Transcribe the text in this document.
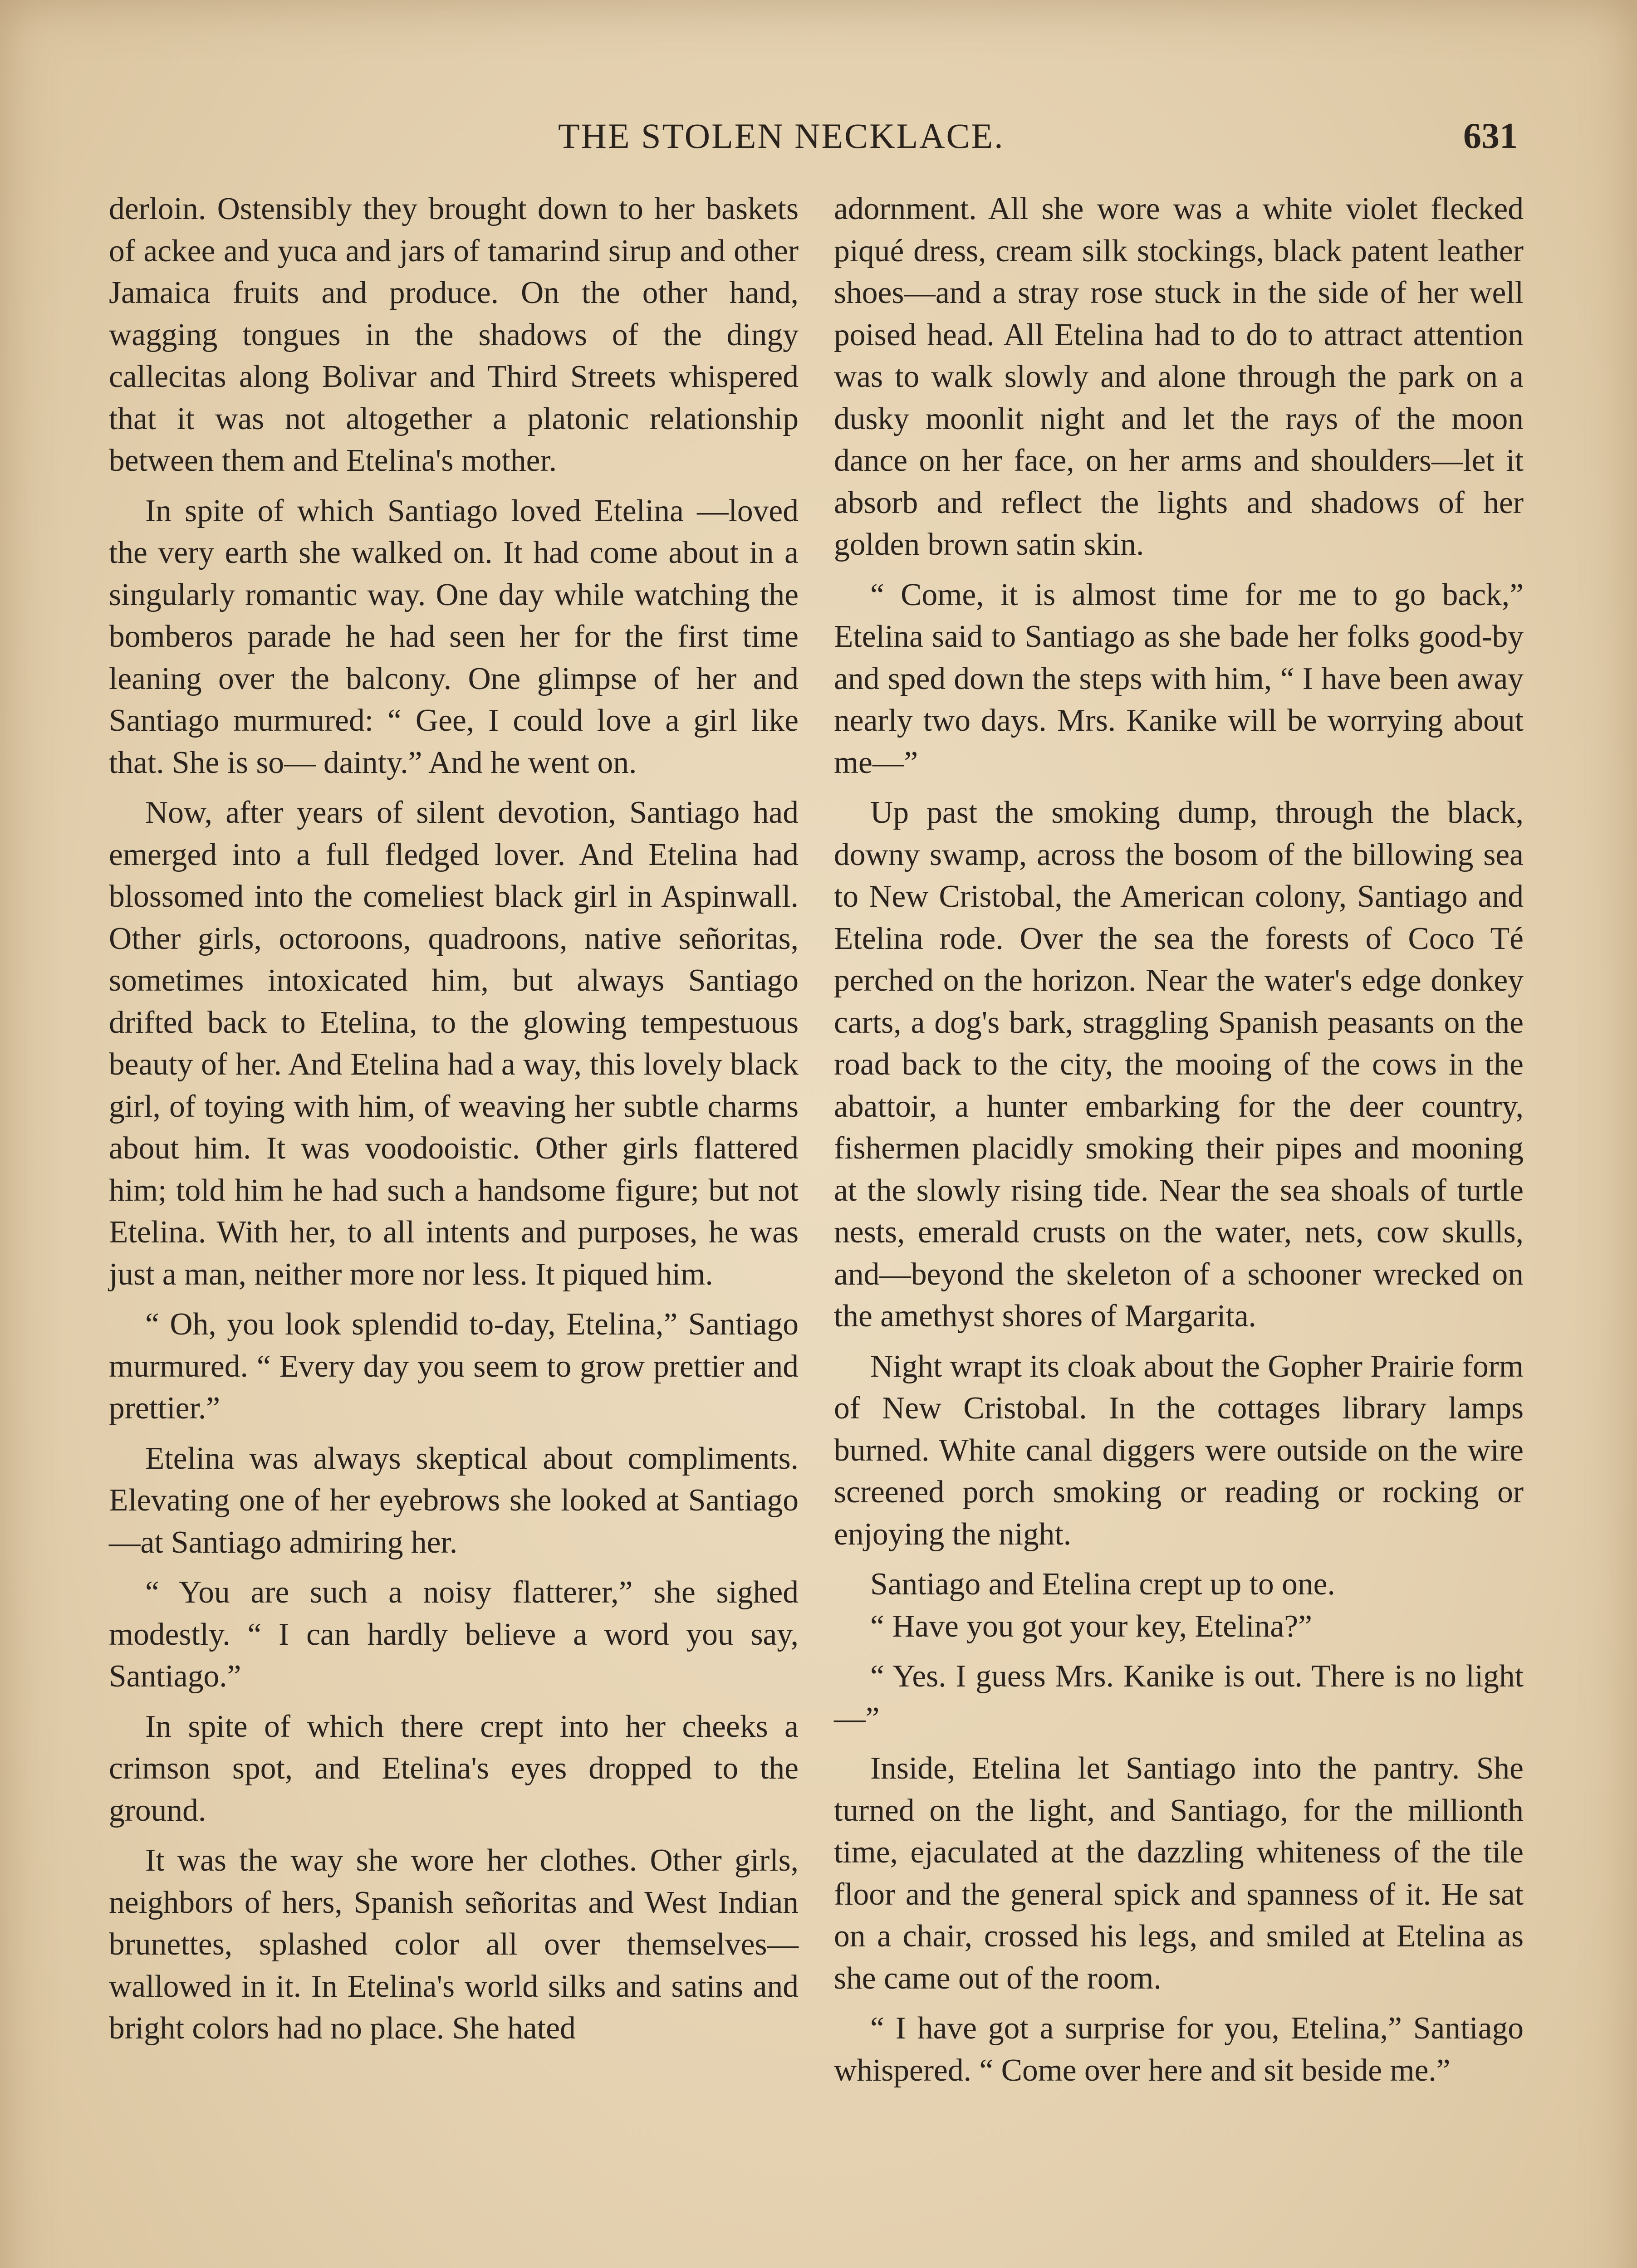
THE STOLEN NECKLACE.	631

derloin. Ostensibly they brought down to her baskets of ackee and yuca and jars of tamarind sirup and other Jamaica fruits and produce. On the other hand, wagging tongues in the shadows of the dingy callecitas along Bolivar and Third Streets whispered that it was not altogether a platonic relationship between them and Etelina's mother.

In spite of which Santiago loved Etelina —loved the very earth she walked on. It had come about in a singularly romantic way. One day while watching the bomberos parade he had seen her for the first time leaning over the balcony. One glimpse of her and Santiago murmured: “ Gee, I could love a girl like that. She is so— dainty.” And he went on.

Now, after years of silent devotion, Santiago had emerged into a full fledged lover. And Etelina had blossomed into the comeliest black girl in Aspinwall. Other girls, octoroons, quadroons, native señoritas, sometimes intoxicated him, but always Santiago drifted back to Etelina, to the glowing tempestuous beauty of her. And Etelina had a way, this lovely black girl, of toying with him, of weaving her subtle charms about him. It was voodooistic. Other girls flattered him; told him he had such a handsome figure; but not Etelina. With her, to all intents and purposes, he was just a man, neither more nor less. It piqued him.

“ Oh, you look splendid to-day, Etelina,” Santiago murmured. “ Every day you seem to grow prettier and prettier.”

Etelina was always skeptical about compliments. Elevating one of her eyebrows she looked at Santiago—at Santiago admiring her.

“ You are such a noisy flatterer,” she sighed modestly. “ I can hardly believe a word you say, Santiago.”

In spite of which there crept into her cheeks a crimson spot, and Etelina's eyes dropped to the ground.

It was the way she wore her clothes. Other girls, neighbors of hers, Spanish señoritas and West Indian brunettes, splashed color all over themselves—wallowed in it. In Etelina's world silks and satins and bright colors had no place. She hated

adornment. All she wore was a white violet flecked piqué dress, cream silk stockings, black patent leather shoes—and a stray rose stuck in the side of her well poised head. All Etelina had to do to attract attention was to walk slowly and alone through the park on a dusky moonlit night and let the rays of the moon dance on her face, on her arms and shoulders—let it absorb and reflect the lights and shadows of her golden brown satin skin.

“ Come, it is almost time for me to go back,” Etelina said to Santiago as she bade her folks good-by and sped down the steps with him, “ I have been away nearly two days. Mrs. Kanike will be worrying about me—”

Up past the smoking dump, through the black, downy swamp, across the bosom of the billowing sea to New Cristobal, the American colony, Santiago and Etelina rode. Over the sea the forests of Coco Té perched on the horizon. Near the water's edge donkey carts, a dog's bark, straggling Spanish peasants on the road back to the city, the mooing of the cows in the abattoir, a hunter embarking for the deer country, fishermen placidly smoking their pipes and mooning at the slowly rising tide. Near the sea shoals of turtle nests, emerald crusts on the water, nets, cow skulls, and—beyond the skeleton of a schooner wrecked on the amethyst shores of Margarita.

Night wrapt its cloak about the Gopher Prairie form of New Cristobal. In the cottages library lamps burned. White canal diggers were outside on the wire screened porch smoking or reading or rocking or enjoying the night.

Santiago and Etelina crept up to one.

“ Have you got your key, Etelina?”

“ Yes. I guess Mrs. Kanike is out. There is no light—”

Inside, Etelina let Santiago into the pantry. She turned on the light, and Santiago, for the millionth time, ejaculated at the dazzling whiteness of the tile floor and the general spick and spanness of it. He sat on a chair, crossed his legs, and smiled at Etelina as she came out of the room.

“ I have got a surprise for you, Etelina,” Santiago whispered. “ Come over here and sit beside me.”
